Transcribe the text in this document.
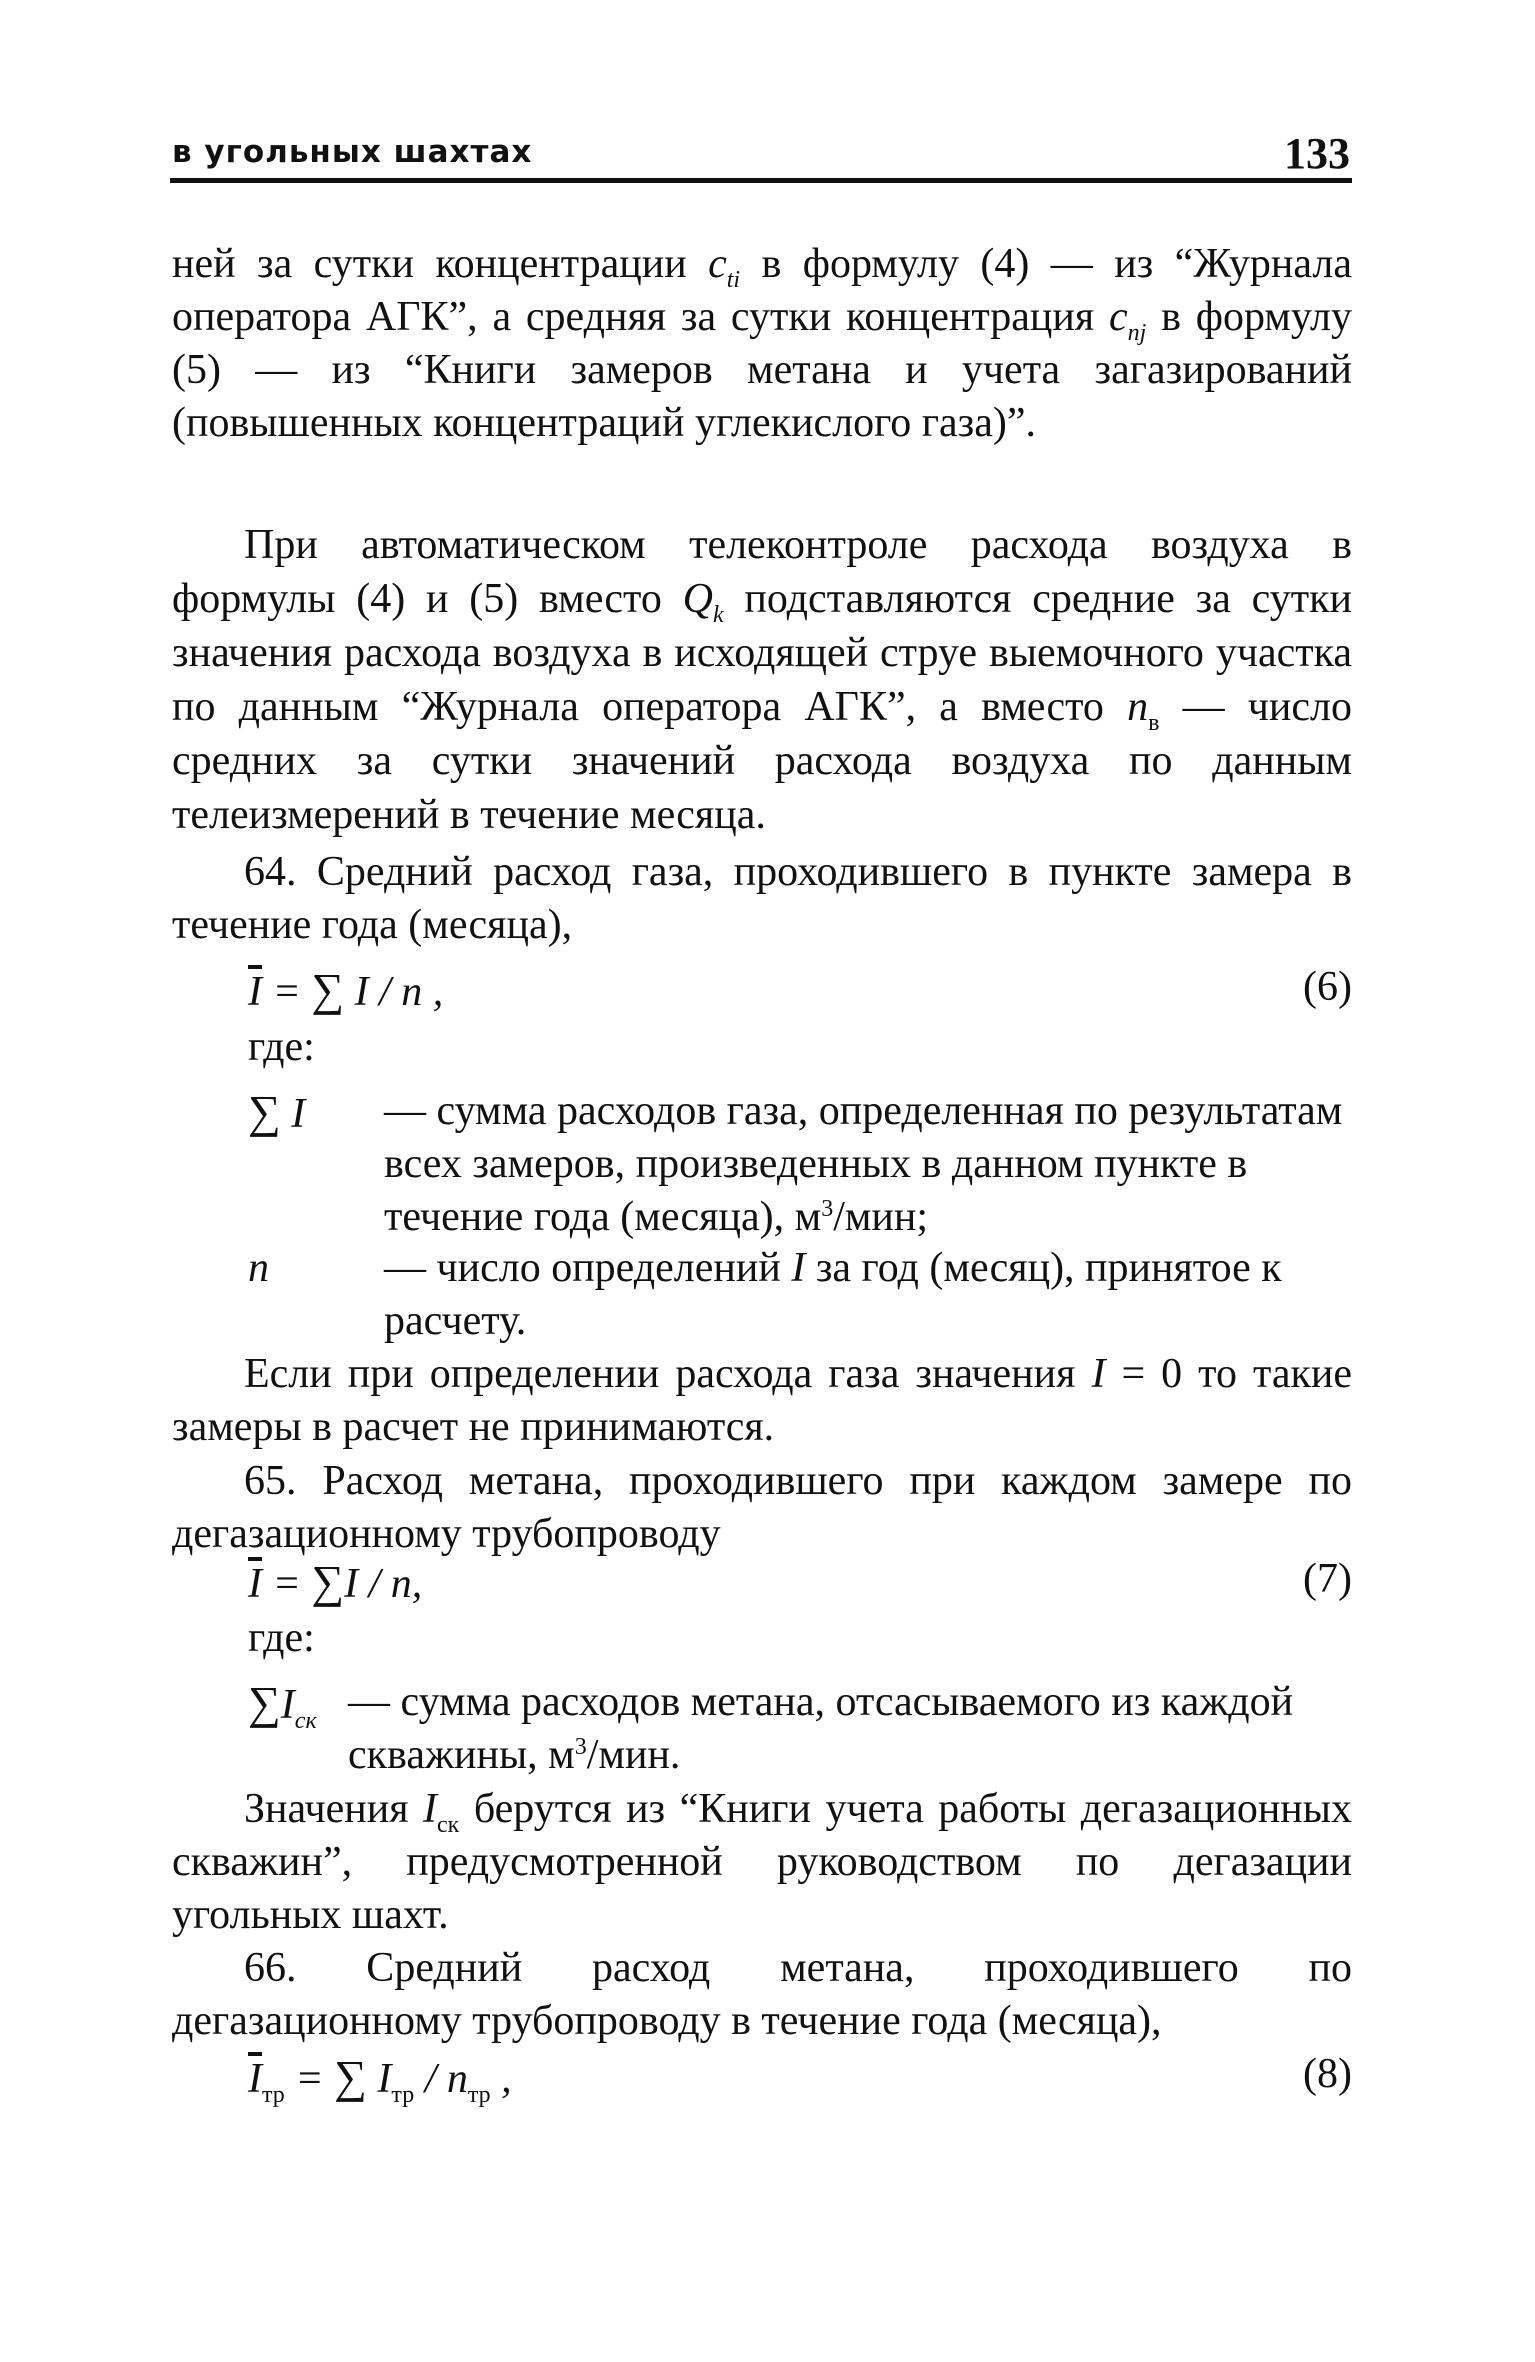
в угольных шахтах	133

ней за сутки концентрации $c_{ti}$ в формулу (4) — из “Журнала оператора АГК”, а средняя за сутки концентрация $c_{nj}$ в формулу (5) — из “Книги замеров метана и учета загазирований (повышенных концентраций углекислого газа)”.

При автоматическом телеконтроле расхода воздуха в формулы (4) и (5) вместо $Q_k$ подставляются средние за сутки значения расхода воздуха в исходящей струе выемочного участка по данным “Журнала оператора АГК”, а вместо $n_в$ — число средних за сутки значений расхода воздуха по данным телеизмерений в течение месяца.

64. Средний расход газа, проходившего в пункте замера в течение года (месяца),

$\overline{I}$ = ∑ I / n ,	(6)
где:
∑ I — сумма расходов газа, определенная по результатам всех замеров, произведенных в данном пункте в течение года (месяца), $м^3$/мин;
n	— число определений I за год (месяц), принятое к расчету.

Если при определении расхода газа значения I = 0 то такие замеры в расчет не принимаются.

65. Расход метана, проходившего при каждом замере по дегазационному трубопроводу

$\overline{I} = \sum I / n$,	(7)
где:
$\sum I_{ск}$ — сумма расходов метана, отсасываемого из каждой скважины, $м^3$/мин.

Значения $I_{ск}$ берутся из “Книги учета работы дегазационных скважин”, предусмотренной руководством по дегазации угольных шахт.

66. Средний расход метана, проходившего по дегазационному трубопроводу в течение года (месяца),

$\overline{I}_{тр}$ = ∑ $I_{тр} / n_{тр}$ ,	(8)
